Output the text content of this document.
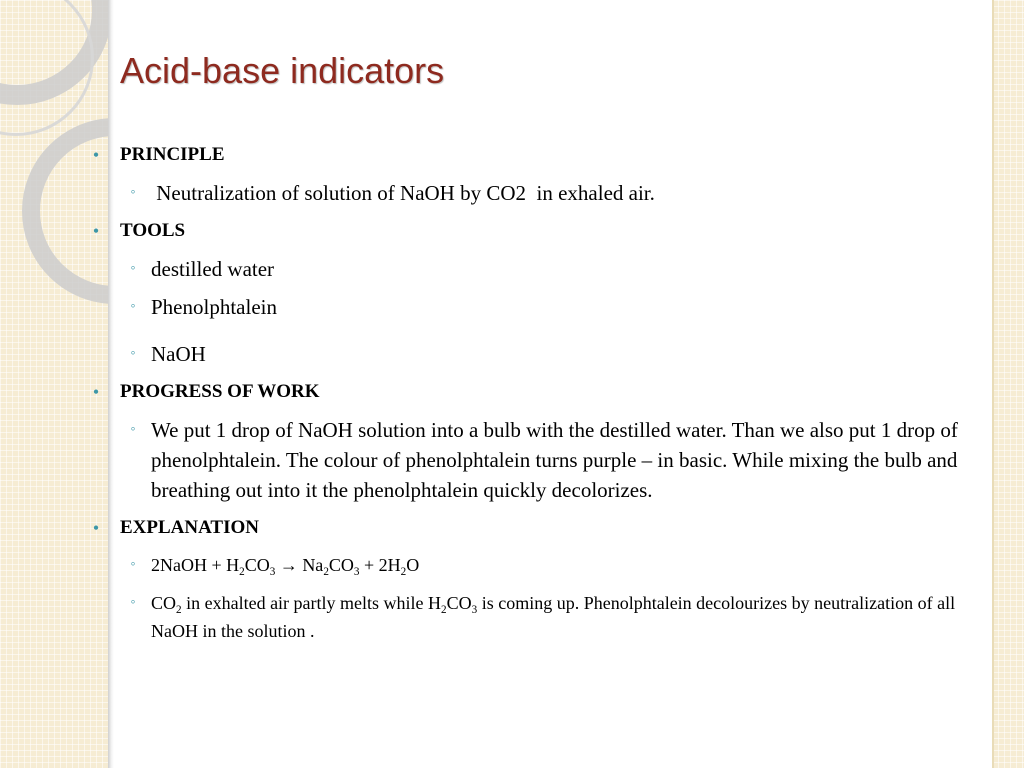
Acid-base indicators
•	PRINCIPLE
◦ Neutralization of solution of NaOH by CO2  in exhaled air.
•	TOOLS
◦ destilled water
◦ Phenolphtalein
◦ NaOH
•	PROGRESS OF WORK
◦ We put 1 drop of NaOH solution into a bulb with the destilled water. Than we also put 1 drop of phenolphtalein. The colour of phenolphtalein turns purple – in basic. While mixing the bulb and breathing out into it the phenolphtalein quickly decolorizes.
•	EXPLANATION
◦ 2NaOH + $H_2CO_3 \to Na_2CO_3 + 2H_2O$
◦ $CO_2$ in exhalted air partly melts while $H_2CO_3$ is coming up. Phenolphtalein decolourizes by neutralization of all NaOH in the solution .
